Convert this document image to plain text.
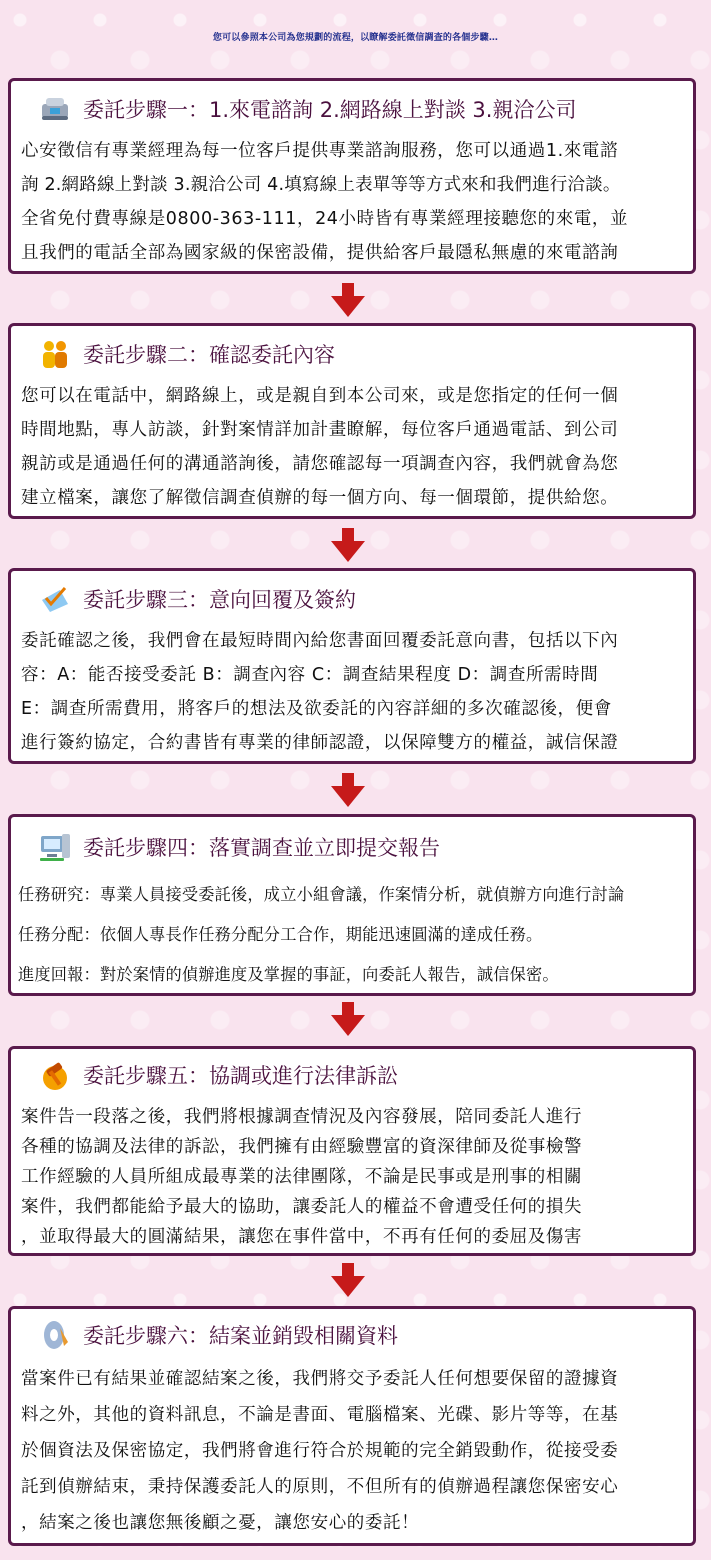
您可以參照本公司為您規劃的流程，以瞭解委託徵信調查的各個步驟…
委託步驟一：1.來電諮詢 2.網路線上對談 3.親洽公司
心安徵信有專業經理為每一位客戶提供專業諮詢服務，您可以通過1.來電諮
詢 2.網路線上對談 3.親洽公司 4.填寫線上表單等等方式來和我們進行洽談。
全省免付費專線是0800-363-111，24小時皆有專業經理接聽您的來電，並
且我們的電話全部為國家級的保密設備，提供給客戶最隱私無慮的來電諮詢
委託步驟二：確認委託內容
您可以在電話中，網路線上，或是親自到本公司來，或是您指定的任何一個
時間地點，專人訪談，針對案情詳加計畫瞭解，每位客戶通過電話、到公司
親訪或是通過任何的溝通諮詢後，請您確認每一項調查內容，我們就會為您
建立檔案，讓您了解徵信調查偵辦的每一個方向、每一個環節，提供給您。
委託步驟三：意向回覆及簽約
委託確認之後，我們會在最短時間內給您書面回覆委託意向書，包括以下內
容：A：能否接受委託 B：調查內容 C：調查結果程度 D：調查所需時間
E：調查所需費用，將客戶的想法及欲委託的內容詳細的多次確認後，便會
進行簽約協定，合約書皆有專業的律師認證，以保障雙方的權益，誠信保證
委託步驟四：落實調查並立即提交報告
任務研究：專業人員接受委託後，成立小組會議，作案情分析，就偵辦方向進行討論
任務分配：依個人專長作任務分配分工合作，期能迅速圓滿的達成任務。
進度回報：對於案情的偵辦進度及掌握的事証，向委託人報告，誠信保密。
委託步驟五：協調或進行法律訴訟
案件告一段落之後，我們將根據調查情況及內容發展，陪同委託人進行
各種的協調及法律的訴訟，我們擁有由經驗豐富的資深律師及從事檢警
工作經驗的人員所組成最專業的法律團隊，不論是民事或是刑事的相關
案件，我們都能給予最大的協助，讓委託人的權益不會遭受任何的損失
，並取得最大的圓滿結果，讓您在事件當中，不再有任何的委屈及傷害
委託步驟六：結案並銷毀相關資料
當案件已有結果並確認結案之後，我們將交予委託人任何想要保留的證據資
料之外，其他的資料訊息，不論是書面、電腦檔案、光碟、影片等等，在基
於個資法及保密協定，我們將會進行符合於規範的完全銷毀動作，從接受委
託到偵辦結束，秉持保護委託人的原則，不但所有的偵辦過程讓您保密安心
，結案之後也讓您無後顧之憂，讓您安心的委託！
